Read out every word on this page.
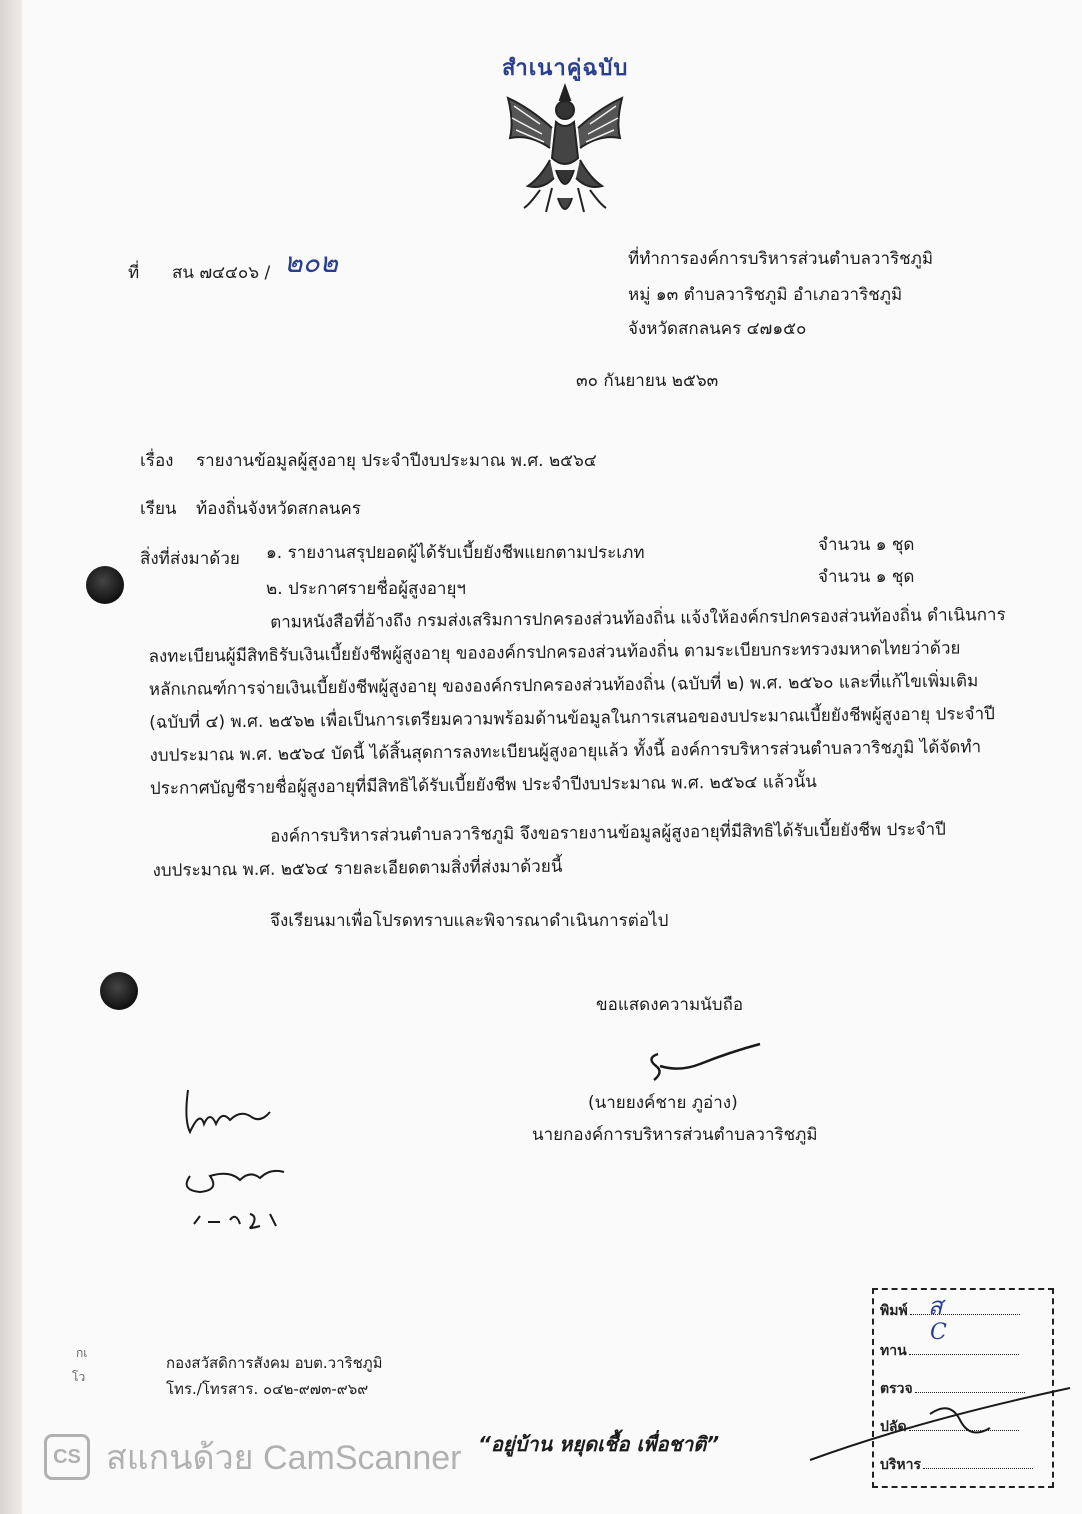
สำเนาคู่ฉบับ
ที่ สน ๗๔๔๐๖ / ๒๐๒	ที่ทำการองค์การบริหารส่วนตำบลวาริชภูมิ
หมู่ ๑๓ ตำบลวาริชภูมิ อำเภอวาริชภูมิ
จังหวัดสกลนคร ๔๗๑๕๐
๓๐ กันยายน ๒๕๖๓
เรื่อง รายงานข้อมูลผู้สูงอายุ ประจำปีงบประมาณ พ.ศ. ๒๕๖๔
เรียน ท้องถิ่นจังหวัดสกลนคร
สิ่งที่ส่งมาด้วย ๑. รายงานสรุปยอดผู้ได้รับเบี้ยยังชีพแยกตามประเภท	จำนวน ๑ ชุด
๒. ประกาศรายชื่อผู้สูงอายุฯ
จำนวน ๑ ชุด
ตามหนังสือที่อ้างถึง กรมส่งเสริมการปกครองส่วนท้องถิ่น แจ้งให้องค์กรปกครองส่วนท้องถิ่น ดำเนินการ
ลงทะเบียนผู้มีสิทธิรับเงินเบี้ยยังชีพผู้สูงอายุ ขององค์กรปกครองส่วนท้องถิ่น ตามระเบียบกระทรวงมหาดไทยว่าด้วย
หลักเกณฑ์การจ่ายเงินเบี้ยยังชีพผู้สูงอายุ ขององค์กรปกครองส่วนท้องถิ่น (ฉบับที่ ๒) พ.ศ. ๒๕๖๐ และที่แก้ไขเพิ่มเติม
(ฉบับที่ ๔) พ.ศ. ๒๕๖๒ เพื่อเป็นการเตรียมความพร้อมด้านข้อมูลในการเสนอของบประมาณเบี้ยยังชีพผู้สูงอายุ ประจำปี
งบประมาณ พ.ศ. ๒๕๖๔ บัดนี้ ได้สิ้นสุดการลงทะเบียนผู้สูงอายุแล้ว ทั้งนี้ องค์การบริหารส่วนตำบลวาริชภูมิ ได้จัดทำ
ประกาศบัญชีรายชื่อผู้สูงอายุที่มีสิทธิได้รับเบี้ยยังชีพ ประจำปีงบประมาณ พ.ศ. ๒๕๖๔ แล้วนั้น
องค์การบริหารส่วนตำบลวาริชภูมิ จึงขอรายงานข้อมูลผู้สูงอายุที่มีสิทธิได้รับเบี้ยยังชีพ ประจำปี
งบประมาณ พ.ศ. ๒๕๖๔ รายละเอียดตามสิ่งที่ส่งมาด้วยนี้
จึงเรียนมาเพื่อโปรดทราบและพิจารณาดำเนินการต่อไป
ขอแสดงความนับถือ
(นายยงค์ชาย ภูอ่าง)
นายกองค์การบริหารส่วนตำบลวาริชภูมิ
กเ
โว
กองสวัสดิการสังคม อบต.วาริชภูมิ
โทร./โทรสาร. ๐๔๒-๙๗๓-๙๖๙
พิมพ์
ทาน
ตรวจ
ปลัด
บริหาร
ส
C
“อยู่บ้าน หยุดเชื้อ เพื่อชาติ”
CS สแกนด้วย CamScanner
